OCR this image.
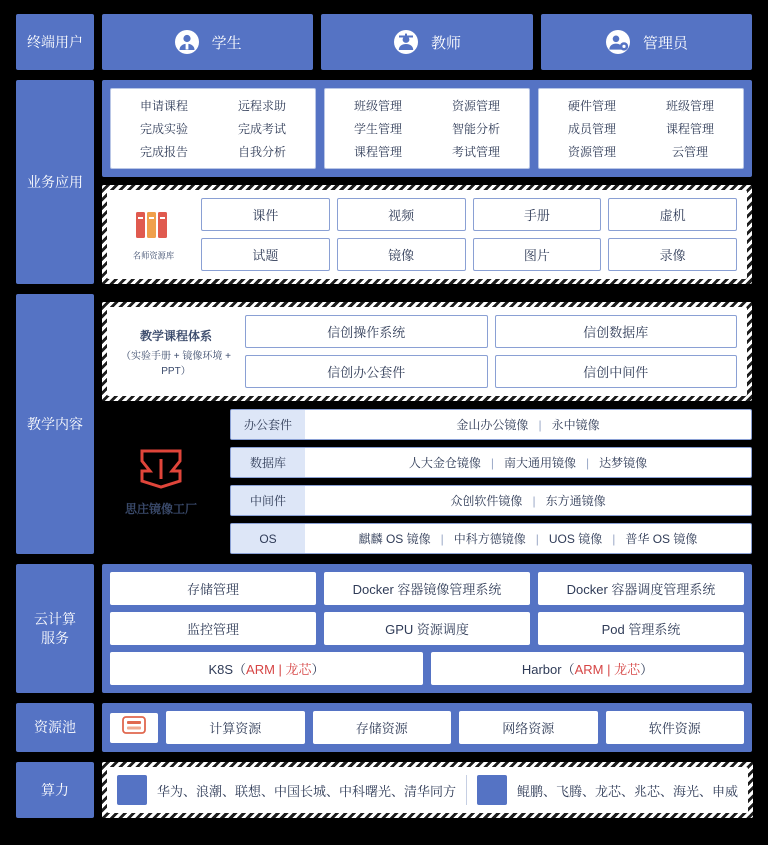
终端用户	学生	教师	管理员
业务应用
申请课程	远程求助
完成实验	完成考试
完成报告	自我分析
班级管理	资源管理
学生管理	智能分析
课程管理	考试管理
硬件管理	班级管理
成员管理	课程管理
资源管理	云管理
名师资源库
课件	视频	手册	虚机
试题	镜像	图片	录像
教学内容
教学课程体系
（实验手册 + 镜像环境 + PPT）
信创操作系统	信创数据库
信创办公套件	信创中间件
思庄镜像工厂
办公套件	金山办公镜像 | 永中镜像
数据库	人大金仓镜像 | 南大通用镜像 | 达梦镜像
中间件	众创软件镜像 | 东方通镜像
OS	麒麟 OS 镜像 | 中科方德镜像 | UOS 镜像 | 普华 OS 镜像
云计算
服务
存储管理	Docker 容器镜像管理系统	Docker 容器调度管理系统
监控管理	GPU 资源调度	Pod 管理系统
K8S（ARM | 龙芯）	Harbor（ARM | 龙芯）
资源池	计算资源	存储资源	网络资源	软件资源
算力	华为、浪潮、联想、中国长城、中科曙光、清华同方	鲲鹏、飞腾、龙芯、兆芯、海光、申威
